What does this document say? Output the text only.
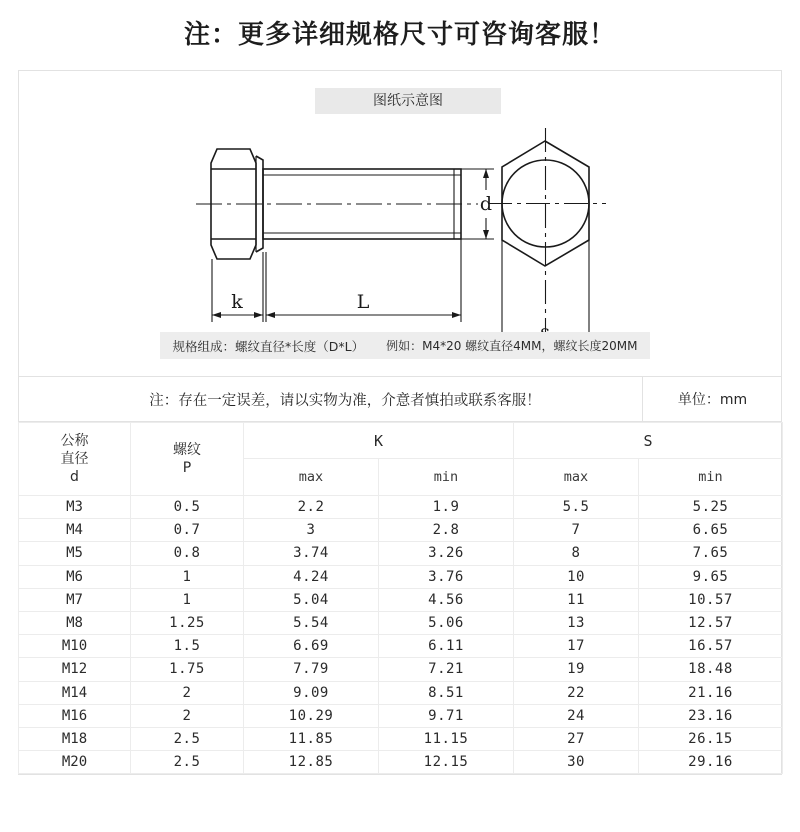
注：更多详细规格尺寸可咨询客服！
图纸示意图
d
k	L
规格组成：螺纹直径*长度（D*L） 例如：M4*20 螺纹直径4MM，螺纹长度20MM
注：存在一定误差，请以实物为准，介意者慎拍或联系客服！	单位：mm
公称
直径
d

螺纹
P
	K	S
		max	min	max	min
M3	0.5	2.2	1.9	5.5	5.25
M4	0.7	3	2.8	7	6.65
M5	0.8	3.74	3.26	8	7.65
M6	1	4.24	3.76	10	9.65
M7	1	5.04	4.56	11	10.57
M8	1.25	5.54	5.06	13	12.57
M10	1.5	6.69	6.11	17	16.57
M12	1.75	7.79	7.21	19	18.48
M14	2	9.09	8.51	22	21.16
M16	2	10.29	9.71	24	23.16
M18	2.5	11.85	11.15	27	26.15
M20	2.5	12.85	12.15	30	29.16
